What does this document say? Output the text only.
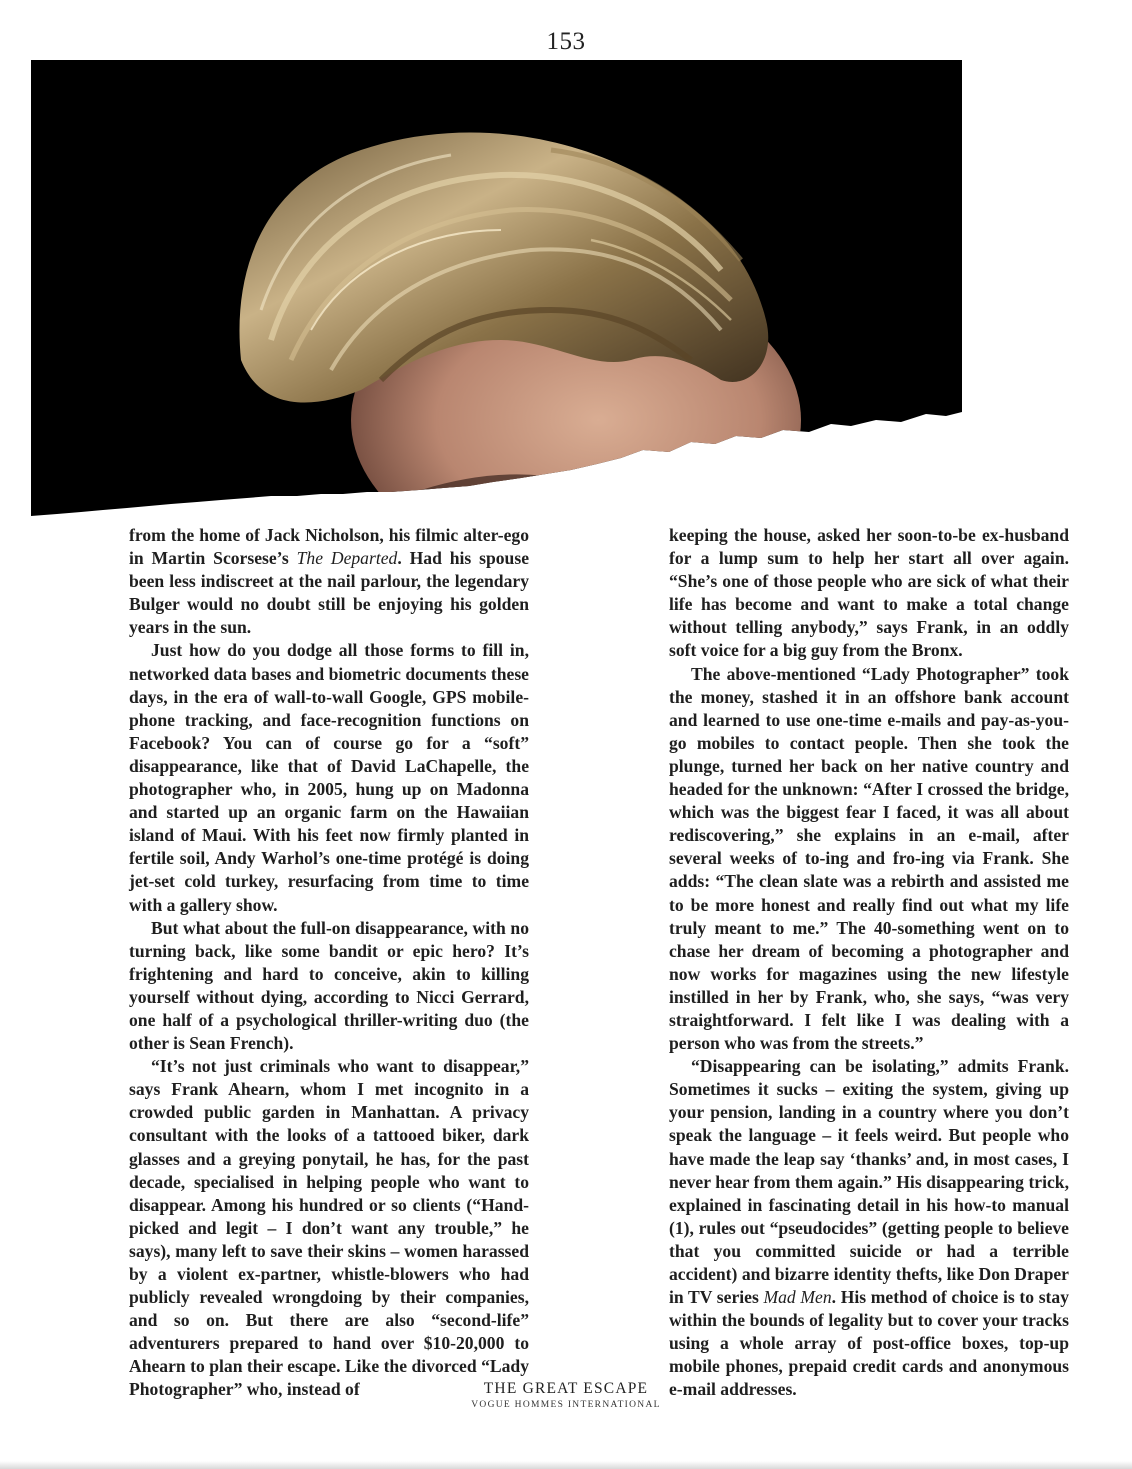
153

from the home of Jack Nicholson, his filmic alter-ego in Martin Scorsese’s The Departed. Had his spouse been less indiscreet at the nail parlour, the legendary Bulger would no doubt still be enjoying his golden years in the sun.

Just how do you dodge all those forms to fill in, networked data bases and biometric documents these days, in the era of wall-to-wall Google, GPS mobile-phone tracking, and face-recognition functions on Facebook? You can of course go for a “soft” disappearance, like that of David LaChapelle, the photographer who, in 2005, hung up on Madonna and started up an organic farm on the Hawaiian island of Maui. With his feet now firmly planted in fertile soil, Andy Warhol’s one-time protégé is doing jet-set cold turkey, resurfacing from time to time with a gallery show.

But what about the full-on disappearance, with no turning back, like some bandit or epic hero? It’s frightening and hard to conceive, akin to killing yourself without dying, according to Nicci Gerrard, one half of a psychological thriller-writing duo (the other is Sean French).

“It’s not just criminals who want to disappear,” says Frank Ahearn, whom I met incognito in a crowded public garden in Manhattan. A privacy consultant with the looks of a tattooed biker, dark glasses and a greying ponytail, he has, for the past decade, specialised in helping people who want to disappear. Among his hundred or so clients (“Hand-picked and legit – I don’t want any trouble,” he says), many left to save their skins – women harassed by a violent ex-partner, whistle-blowers who had publicly revealed wrongdoing by their companies, and so on. But there are also “second-life” adventurers prepared to hand over $10-20,000 to Ahearn to plan their escape. Like the divorced “Lady Photographer” who, instead of

keeping the house, asked her soon-to-be ex-husband for a lump sum to help her start all over again. “She’s one of those people who are sick of what their life has become and want to make a total change without telling anybody,” says Frank, in an oddly soft voice for a big guy from the Bronx.

The above-mentioned “Lady Photographer” took the money, stashed it in an offshore bank account and learned to use one-time e-mails and pay-as-you-go mobiles to contact people. Then she took the plunge, turned her back on her native country and headed for the unknown: “After I crossed the bridge, which was the biggest fear I faced, it was all about rediscovering,” she explains in an e-mail, after several weeks of to-ing and fro-ing via Frank. She adds: “The clean slate was a rebirth and assisted me to be more honest and really find out what my life truly meant to me.” The 40-something went on to chase her dream of becoming a photographer and now works for magazines using the new lifestyle instilled in her by Frank, who, she says, “was very straightforward. I felt like I was dealing with a person who was from the streets.”

“Disappearing can be isolating,” admits Frank. Sometimes it sucks – exiting the system, giving up your pension, landing in a country where you don’t speak the language – it feels weird. But people who have made the leap say ‘thanks’ and, in most cases, I never hear from them again.” His disappearing trick, explained in fascinating detail in his how-to manual (1), rules out “pseudocides” (getting people to believe that you committed suicide or had a terrible accident) and bizarre identity thefts, like Don Draper in TV series Mad Men. His method of choice is to stay within the bounds of legality but to cover your tracks using a whole array of post-office boxes, top-up mobile phones, prepaid credit cards and anonymous e-mail addresses.

THE GREAT ESCAPE
VOGUE HOMMES INTERNATIONAL
